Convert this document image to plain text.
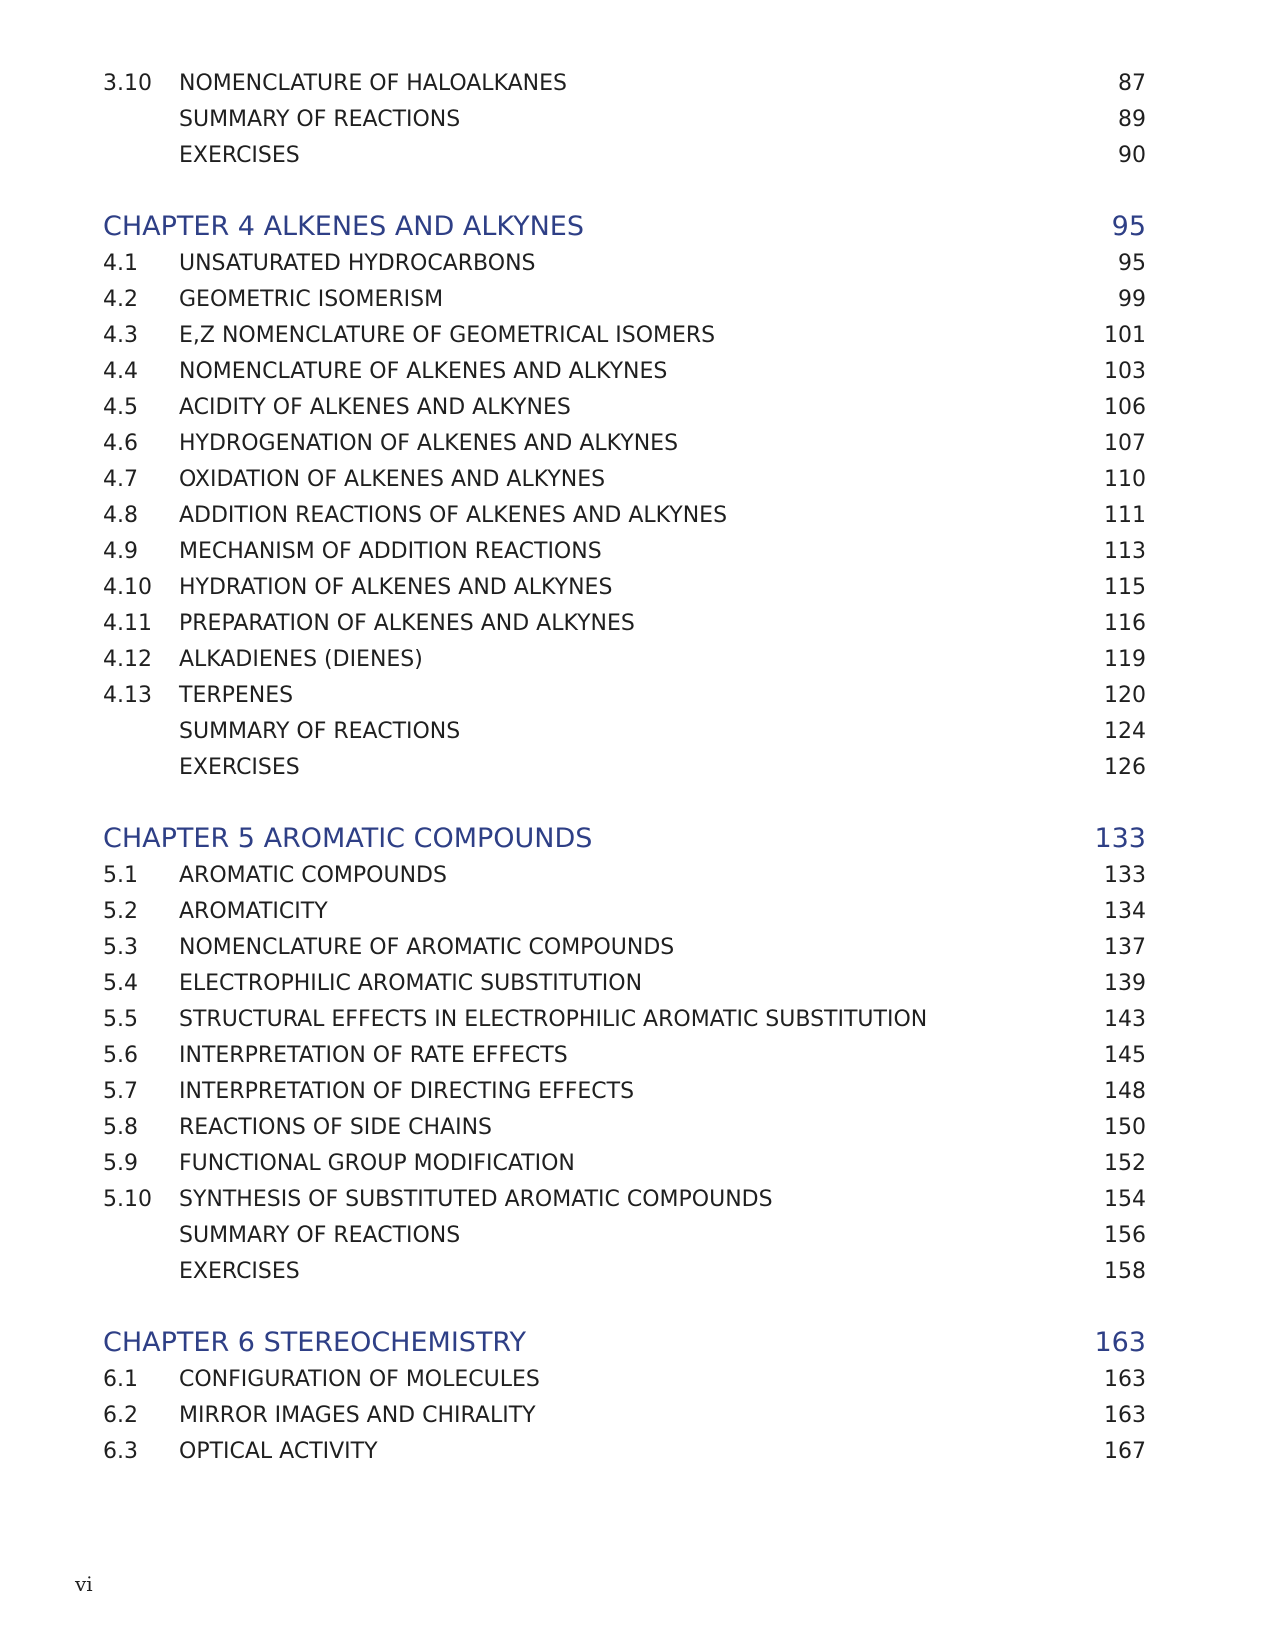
3.10 NOMENCLATURE OF HALOALKANES	87
SUMMARY OF REACTIONS	89
EXERCISES	90
CHAPTER 4 ALKENES AND ALKYNES	95
4.1 UNSATURATED HYDROCARBONS	95
4.2 GEOMETRIC ISOMERISM	99
4.3 E,Z NOMENCLATURE OF GEOMETRICAL ISOMERS	101
4.4 NOMENCLATURE OF ALKENES AND ALKYNES	103
4.5 ACIDITY OF ALKENES AND ALKYNES	106
4.6 HYDROGENATION OF ALKENES AND ALKYNES	107
4.7 OXIDATION OF ALKENES AND ALKYNES	110
4.8 ADDITION REACTIONS OF ALKENES AND ALKYNES	111
4.9 MECHANISM OF ADDITION REACTIONS	113
4.10 HYDRATION OF ALKENES AND ALKYNES	115
4.11 PREPARATION OF ALKENES AND ALKYNES	116
4.12 ALKADIENES (DIENES)	119
4.13 TERPENES	120
SUMMARY OF REACTIONS	124
EXERCISES	126
CHAPTER 5 AROMATIC COMPOUNDS	133
5.1 AROMATIC COMPOUNDS	133
5.2 AROMATICITY	134
5.3 NOMENCLATURE OF AROMATIC COMPOUNDS	137
5.4 ELECTROPHILIC AROMATIC SUBSTITUTION	139
5.5 STRUCTURAL EFFECTS IN ELECTROPHILIC AROMATIC SUBSTITUTION	143
5.6 INTERPRETATION OF RATE EFFECTS	145
5.7 INTERPRETATION OF DIRECTING EFFECTS	148
5.8 REACTIONS OF SIDE CHAINS	150
5.9 FUNCTIONAL GROUP MODIFICATION	152
5.10 SYNTHESIS OF SUBSTITUTED AROMATIC COMPOUNDS	154
SUMMARY OF REACTIONS	156
EXERCISES	158
CHAPTER 6 STEREOCHEMISTRY	163
6.1 CONFIGURATION OF MOLECULES	163
6.2 MIRROR IMAGES AND CHIRALITY	163
6.3 OPTICAL ACTIVITY	167
vi
